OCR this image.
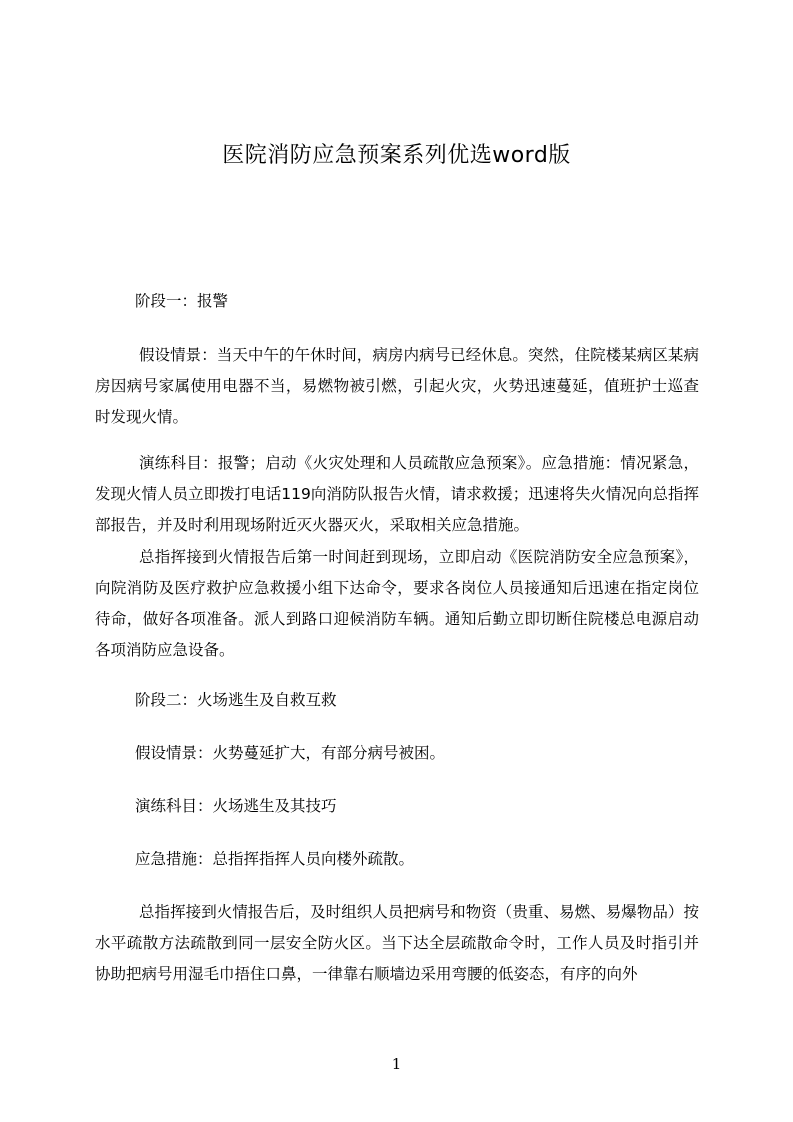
医院消防应急预案系列优选word版
阶段一：报警
假设情景：当天中午的午休时间，病房内病号已经休息。突然，住院楼某病区某病房因病号家属使用电器不当，易燃物被引燃，引起火灾，火势迅速蔓延，值班护士巡查时发现火情。
演练科目：报警；启动《火灾处理和人员疏散应急预案》。应急措施：情况紧急，发现火情人员立即拨打电话119向消防队报告火情，请求救援；迅速将失火情况向总指挥部报告，并及时利用现场附近灭火器灭火，采取相关应急措施。
总指挥接到火情报告后第一时间赶到现场，立即启动《医院消防安全应急预案》，向院消防及医疗救护应急救援小组下达命令，要求各岗位人员接通知后迅速在指定岗位待命，做好各项准备。派人到路口迎候消防车辆。通知后勤立即切断住院楼总电源启动各项消防应急设备。
阶段二：火场逃生及自救互救
假设情景：火势蔓延扩大，有部分病号被困。
演练科目：火场逃生及其技巧
应急措施：总指挥指挥人员向楼外疏散。
总指挥接到火情报告后，及时组织人员把病号和物资（贵重、易燃、易爆物品）按水平疏散方法疏散到同一层安全防火区。当下达全层疏散命令时，工作人员及时指引并协助把病号用湿毛巾捂住口鼻，一律靠右顺墙边采用弯腰的低姿态，有序的向外
1
